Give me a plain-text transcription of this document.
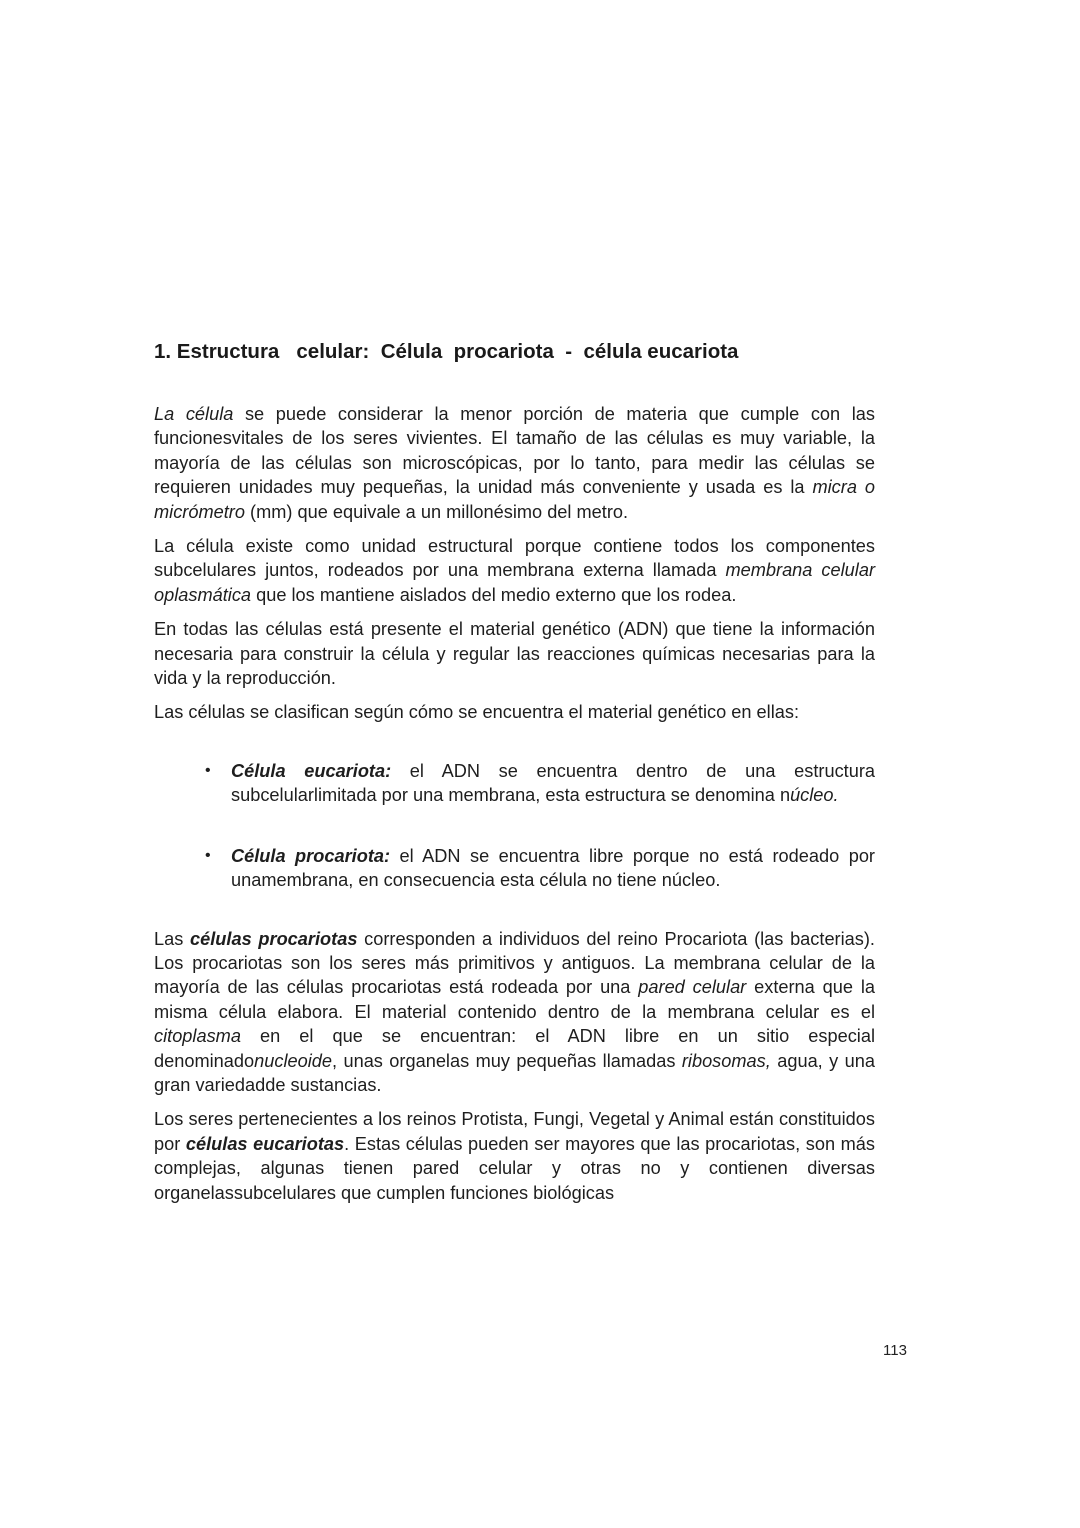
1. Estructura   celular:  Célula  procariota  -  célula eucariota

La célula se puede considerar la menor porción de materia que cumple con las funcionesvitales de los seres vivientes. El tamaño de las células es muy variable, la mayoría de las células son microscópicas, por lo tanto, para medir las células se requieren unidades muy pequeñas, la unidad más conveniente y usada es la micra o micrómetro (mm) que equivale a un millonésimo del metro.

La célula existe como unidad estructural porque contiene todos los componentes subcelulares juntos, rodeados por una membrana externa llamada membrana celular oplasmática que los mantiene aislados del medio externo que los rodea.

En todas las células está presente el material genético (ADN) que tiene la información necesaria para construir la célula y regular las reacciones químicas necesarias para la vida y la reproducción.

Las células se clasifican según cómo se encuentra el material genético en ellas:

• Célula eucariota: el ADN se encuentra dentro de una estructura subcelularlimitada por una membrana, esta estructura se denomina núcleo.
• Célula procariota: el ADN se encuentra libre porque no está rodeado por unamembrana, en consecuencia esta célula no tiene núcleo.

Las células procariotas corresponden a individuos del reino Procariota (las bacterias). Los procariotas son los seres más primitivos y antiguos. La membrana celular de la mayoría de las células procariotas está rodeada por una pared celular externa que la misma célula elabora. El material contenido dentro de la membrana celular es el citoplasma en el que se encuentran: el ADN libre en un sitio especial denominadonucleoide, unas organelas muy pequeñas llamadas ribosomas, agua, y una gran variedadde sustancias.

Los seres pertenecientes a los reinos Protista, Fungi, Vegetal y Animal están constituidos por células eucariotas. Estas células pueden ser mayores que las procariotas, son más complejas, algunas tienen pared celular y otras no y contienen diversas organelassubcelulares que cumplen funciones biológicas

113
